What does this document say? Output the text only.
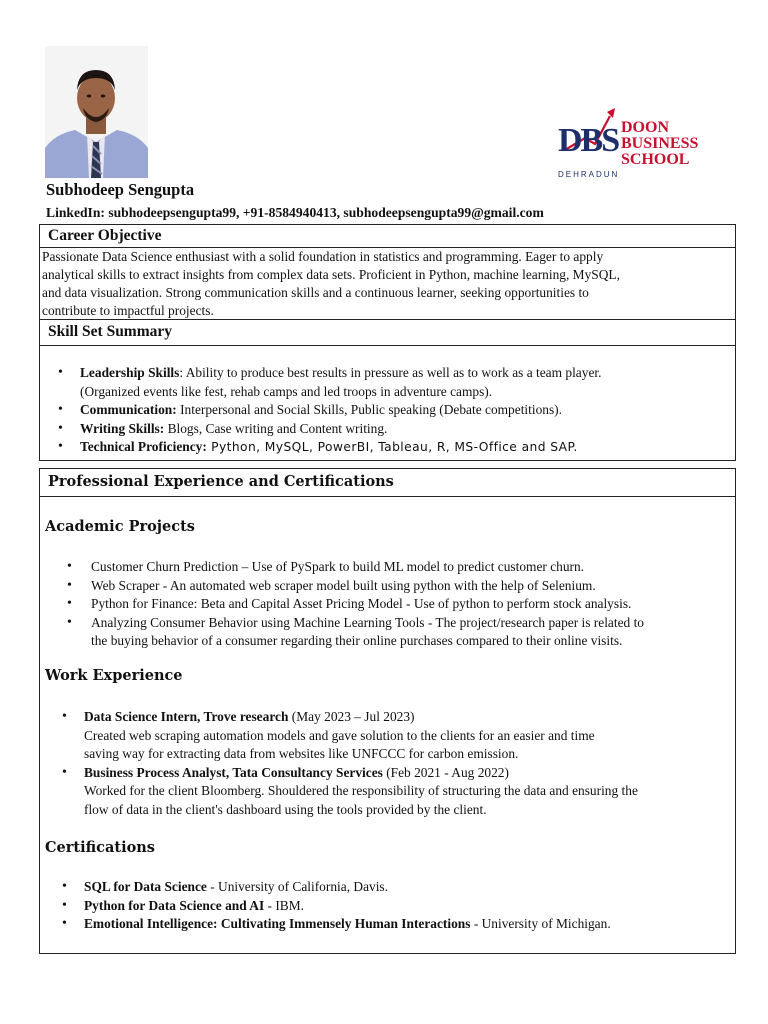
DBS DOON
BUSINESS
SCHOOL
DEHRADUN
Subhodeep Sengupta
LinkedIn: subhodeepsengupta99, +91-8584940413, subhodeepsengupta99@gmail.com
Career Objective
Passionate Data Science enthusiast with a solid foundation in statistics and programming. Eager to apply
analytical skills to extract insights from complex data sets. Proficient in Python, machine learning, MySQL,
and data visualization. Strong communication skills and a continuous learner, seeking opportunities to
contribute to impactful projects.
Skill Set Summary
• Leadership Skills: Ability to produce best results in pressure as well as to work as a team player.
(Organized events like fest, rehab camps and led troops in adventure camps).
• Communication: Interpersonal and Social Skills, Public speaking (Debate competitions).
• Writing Skills: Blogs, Case writing and Content writing.
• Technical Proficiency: Python, MySQL, PowerBI, Tableau, R, MS-Office and SAP.
Professional Experience and Certifications
Academic Projects
• Customer Churn Prediction – Use of PySpark to build ML model to predict customer churn.
• Web Scraper - An automated web scraper model built using python with the help of Selenium.
• Python for Finance: Beta and Capital Asset Pricing Model - Use of python to perform stock analysis.
• Analyzing Consumer Behavior using Machine Learning Tools - The project/research paper is related to
the buying behavior of a consumer regarding their online purchases compared to their online visits.
Work Experience
• Data Science Intern, Trove research (May 2023 – Jul 2023)
Created web scraping automation models and gave solution to the clients for an easier and time
saving way for extracting data from websites like UNFCCC for carbon emission.
• Business Process Analyst, Tata Consultancy Services (Feb 2021 - Aug 2022)
Worked for the client Bloomberg. Shouldered the responsibility of structuring the data and ensuring the
flow of data in the client's dashboard using the tools provided by the client.
Certifications
• SQL for Data Science - University of California, Davis.
• Python for Data Science and AI - IBM.
• Emotional Intelligence: Cultivating Immensely Human Interactions - University of Michigan.
